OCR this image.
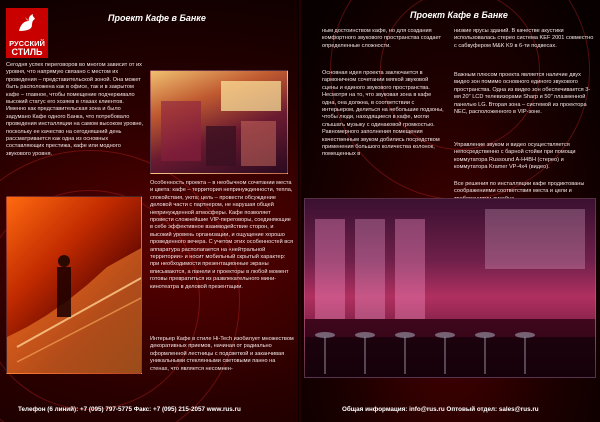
РУССКИЙ
СТИЛЬ
Проект Кафе в Банке
Сегодня успех переговоров во многом зависит от их уровня, что напрямую связано с местом их проведения – представительской зоной. Она может быть расположена как в офисе, так и в закрытом кафе – главное, чтобы помещение подчеркивало высокий статус его хозяев в глазах клиентов. Именно как представительская зона и было задумано Кафе одного Банка, что потребовало проведения инсталляции на самом высоком уровне, поскольку ее качество на сегодняшний день рассматривается как одна из основных составляющих престижа, кафе или модного звукового уровня.
Особенность проекта – в необычном сочетании места и цвета: кафе – территория непринужденности, тепла, спокойствия, уюта; цель – провести обсуждение деловой части с партнером, не нарушая общей непринужденной атмосферы. Кафе позволяет провести сложнейшие VIP-переговоры, соединяющие в себе эффективное взаимодействие сторон, и высокий уровень организации, и ощущение хорошо проведенного вечера. С учетом этих особенностей вся аппаратура располагается на «нейтральной территории» и носит мобильный скрытый характер: при необходимости презентационные экраны вписываются, а панели и проекторы в любой момент готовы превратиться из развлекательного мини-кинотеатра в деловой презентации.
Интерьер Кафе в стиле Hi-Tech изобилует множеством декоративных приемов, начиная от радиально оформленной лестницы с подсветкой и заканчивая уникальными стеклянными световыми панно на стенах, что является несомнен-
Проект Кафе в Банке
ным достоинством кафе, но для создания комфортного звукового пространства создает определенные сложности.
Основная идея проекта заключается в гармоничном сочетании мягкой звуковой сцены и единого звукового пространства. Несмотря на то, что звуковая зона в кафе одна, она должна, в соответствии с интерьером, делиться на небольшие подзоны, чтобы люди, находящиеся в кафе, могли слышать музыку с одинаковой громкостью. Равномерного заполнения помещения качественным звуком добились посредством применения большого количества колонок, помещенных в
низкие ярусы зданий. В качестве акустики использовалась стерео система KEF 2001 совместно с сабвуфером M&K K9 в 6-ти подвесах.
Важным плюсом проекта является наличие двух видео зон помимо основного единого звукового пространства. Одна из видео зон обеспечивается 3-мя 20" LCD телевизорами Sharp и 50" плазменной панелью LG. Вторая зона – системой из проектора NEC, расположенного в VIP-зоне.
Управление звуком и видео осуществляется непосредственно с барной стойки при помощи коммутатора Russound A-H4BH (стерео) и коммутатора Kramer VP-4x4 (видео).
Все решения по инсталляции кафе продиктованы соображениями соответствия места и цели и
Телефон (6 линий): +7 (095) 797-5775 Факс: +7 (095) 215-2057 www.rus.ru	Общая информация: info@rus.ru Оптовый отдел: sales@rus.ru
